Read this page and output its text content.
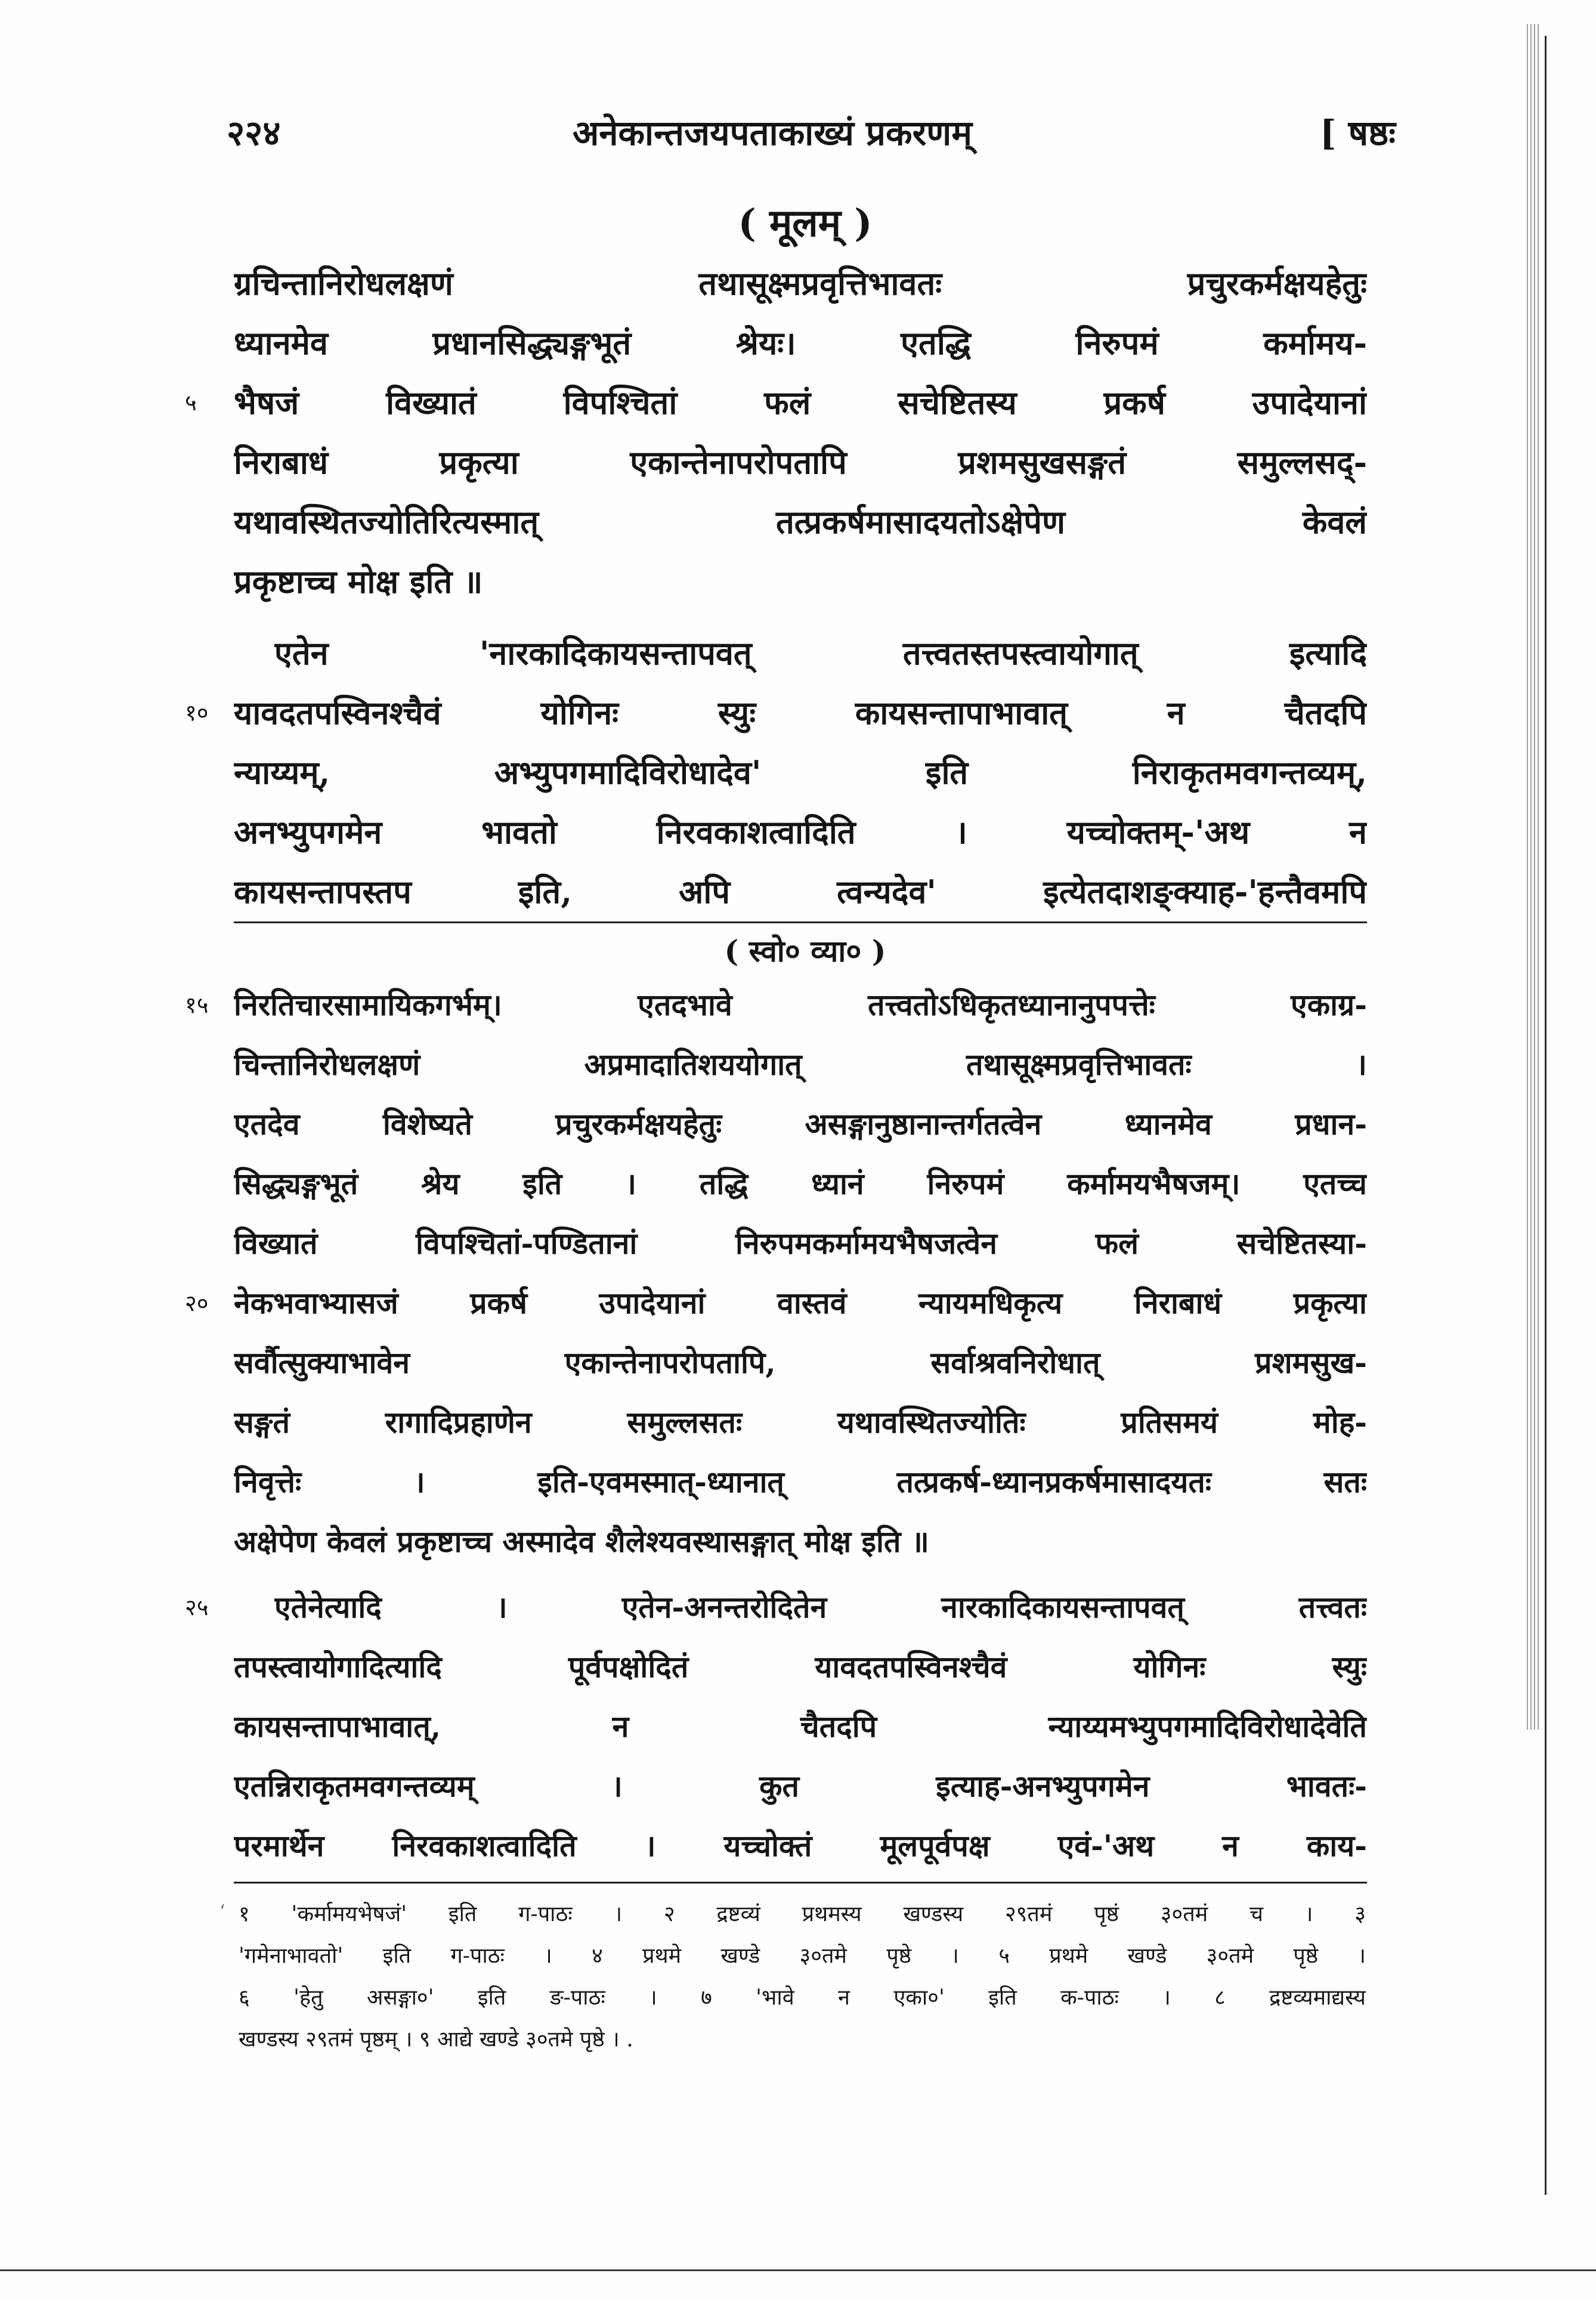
२२४	अनेकान्तजयपताकाख्यं प्रकरणम्	[ षष्ठः
( मूलम् )
ग्रचिन्तानिरोधलक्षणं तथासूक्ष्मप्रवृत्तिभावतः प्रचुरकर्मक्षयहेतुः
ध्यानमेव प्रधानसिद्ध्यङ्गभूतं श्रेयः। एतद्धि निरुपमं कर्मामय-
५	भैषजं विख्यातं विपश्चितां फलं सचेष्टितस्य प्रकर्ष उपादेयानां
निराबाधं प्रकृत्या एकान्तेनापरोपतापि प्रशमसुखसङ्गतं समुल्लसद्-
यथावस्थितज्योतिरित्यस्मात् तत्प्रकर्षमासादयतोऽक्षेपेण केवलं
प्रकृष्टाच्च मोक्ष इति ॥
एतेन 'नारकादिकायसन्तापवत् तत्त्वतस्तपस्त्वायोगात् इत्यादि
१० यावदतपस्विनश्चैवं योगिनः स्युः कायसन्तापाभावात् न चैतदपि
न्याय्यम्, अभ्युपगमादिविरोधादेव' इति निराकृतमवगन्तव्यम्,
अनभ्युपगमेन भावतो निरवकाशत्वादिति । यच्चोक्तम्-'अथ न
कायसन्तापस्तप इति, अपि त्वन्यदेव' इत्येतदाशङ्क्याह-'हन्तैवमपि
( स्वो० व्या० )
१५ निरतिचारसामायिकगर्भम्। एतदभावे तत्त्वतोऽधिकृतध्यानानुपपत्तेः एकाग्र-
चिन्तानिरोधलक्षणं अप्रमादातिशययोगात् तथासूक्ष्मप्रवृत्तिभावतः ।
एतदेव विशेष्यते प्रचुरकर्मक्षयहेतुः असङ्गानुष्ठानान्तर्गतत्वेन ध्यानमेव प्रधान-
सिद्ध्यङ्गभूतं श्रेय इति । तद्धि ध्यानं निरुपमं कर्मामयभैषजम्। एतच्च
विख्यातं विपश्चितां-पण्डितानां निरुपमकर्मामयभैषजत्वेन फलं सचेष्टितस्या-
२० नेकभवाभ्यासजं प्रकर्ष उपादेयानां वास्तवं न्यायमधिकृत्य निराबाधं प्रकृत्या
सर्वौत्सुक्याभावेन एकान्तेनापरोपतापि, सर्वाश्रवनिरोधात् प्रशमसुख-
सङ्गतं रागादिप्रहाणेन समुल्लसतः यथावस्थितज्योतिः प्रतिसमयं मोह-
निवृत्तेः । इति-एवमस्मात्-ध्यानात् तत्प्रकर्ष-ध्यानप्रकर्षमासादयतः सतः
अक्षेपेण केवलं प्रकृष्टाच्च अस्मादेव शैलेश्यवस्थासङ्गात् मोक्ष इति ॥
२५	एतेनेत्यादि । एतेन-अनन्तरोदितेन नारकादिकायसन्तापवत् तत्त्वतः
तपस्त्वायोगादित्यादि पूर्वपक्षोदितं यावदतपस्विनश्चैवं योगिनः स्युः
कायसन्तापाभावात्, न चैतदपि न्याय्यमभ्युपगमादिविरोधादेवेति
एतन्निराकृतमवगन्तव्यम् । कुत इत्याह-अनभ्युपगमेन भावतः-
परमार्थेन निरवकाशत्वादिति । यच्चोक्तं मूलपूर्वपक्ष एवं-'अथ न काय-
‘ १ 'कर्मामयभेषजं' इति ग-पाठः । २ द्रष्टव्यं प्रथमस्य खण्डस्य २९तमं पृष्ठं ३०तमं च । ३
'गमेनाभावतो' इति ग-पाठः । ४ प्रथमे खण्डे ३०तमे पृष्ठे । ५ प्रथमे खण्डे ३०तमे पृष्ठे ।
६ 'हेतु असङ्गा०' इति ङ-पाठः । ७ 'भावे न एका०' इति क-पाठः । ८ द्रष्टव्यमाद्यस्य
खण्डस्य २९तमं पृष्ठम् । ९ आद्ये खण्डे ३०तमे पृष्ठे । .
